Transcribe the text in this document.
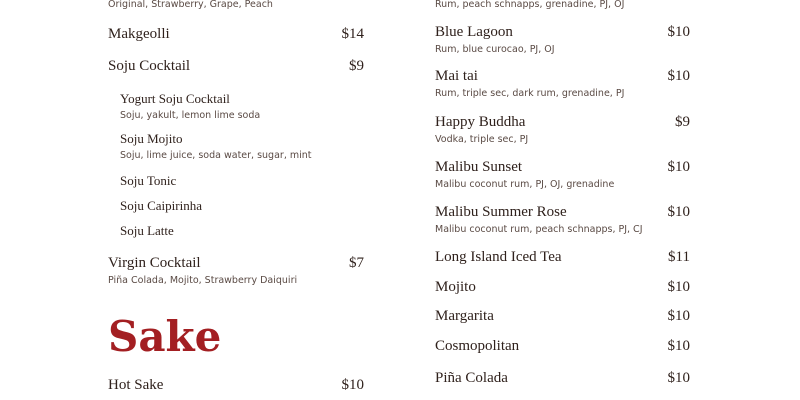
Original, Strawberry, Grape, Peach
Makgeolli	$14
Soju Cocktail	$9
Yogurt Soju Cocktail
Soju, yakult, lemon lime soda
Soju Mojito
Soju, lime juice, soda water, sugar, mint
Soju Tonic
Soju Caipirinha
Soju Latte
Virgin Cocktail	$7
Piña Colada, Mojito, Strawberry Daiquiri
Hot Sake	$10
Sake
Rum, peach schnapps, grenadine, PJ, OJ
Blue Lagoon	$10
Rum, blue curocao, PJ, OJ
Mai tai	$10
Rum, triple sec, dark rum, grenadine, PJ
Happy Buddha	$9
Vodka, triple sec, PJ
Malibu Sunset	$10
Malibu coconut rum, PJ, OJ, grenadine
Malibu Summer Rose	$10
Malibu coconut rum, peach schnapps, PJ, CJ
Long Island Iced Tea	$11
Mojito	$10
Margarita	$10
Cosmopolitan	$10
Piña Colada	$10
